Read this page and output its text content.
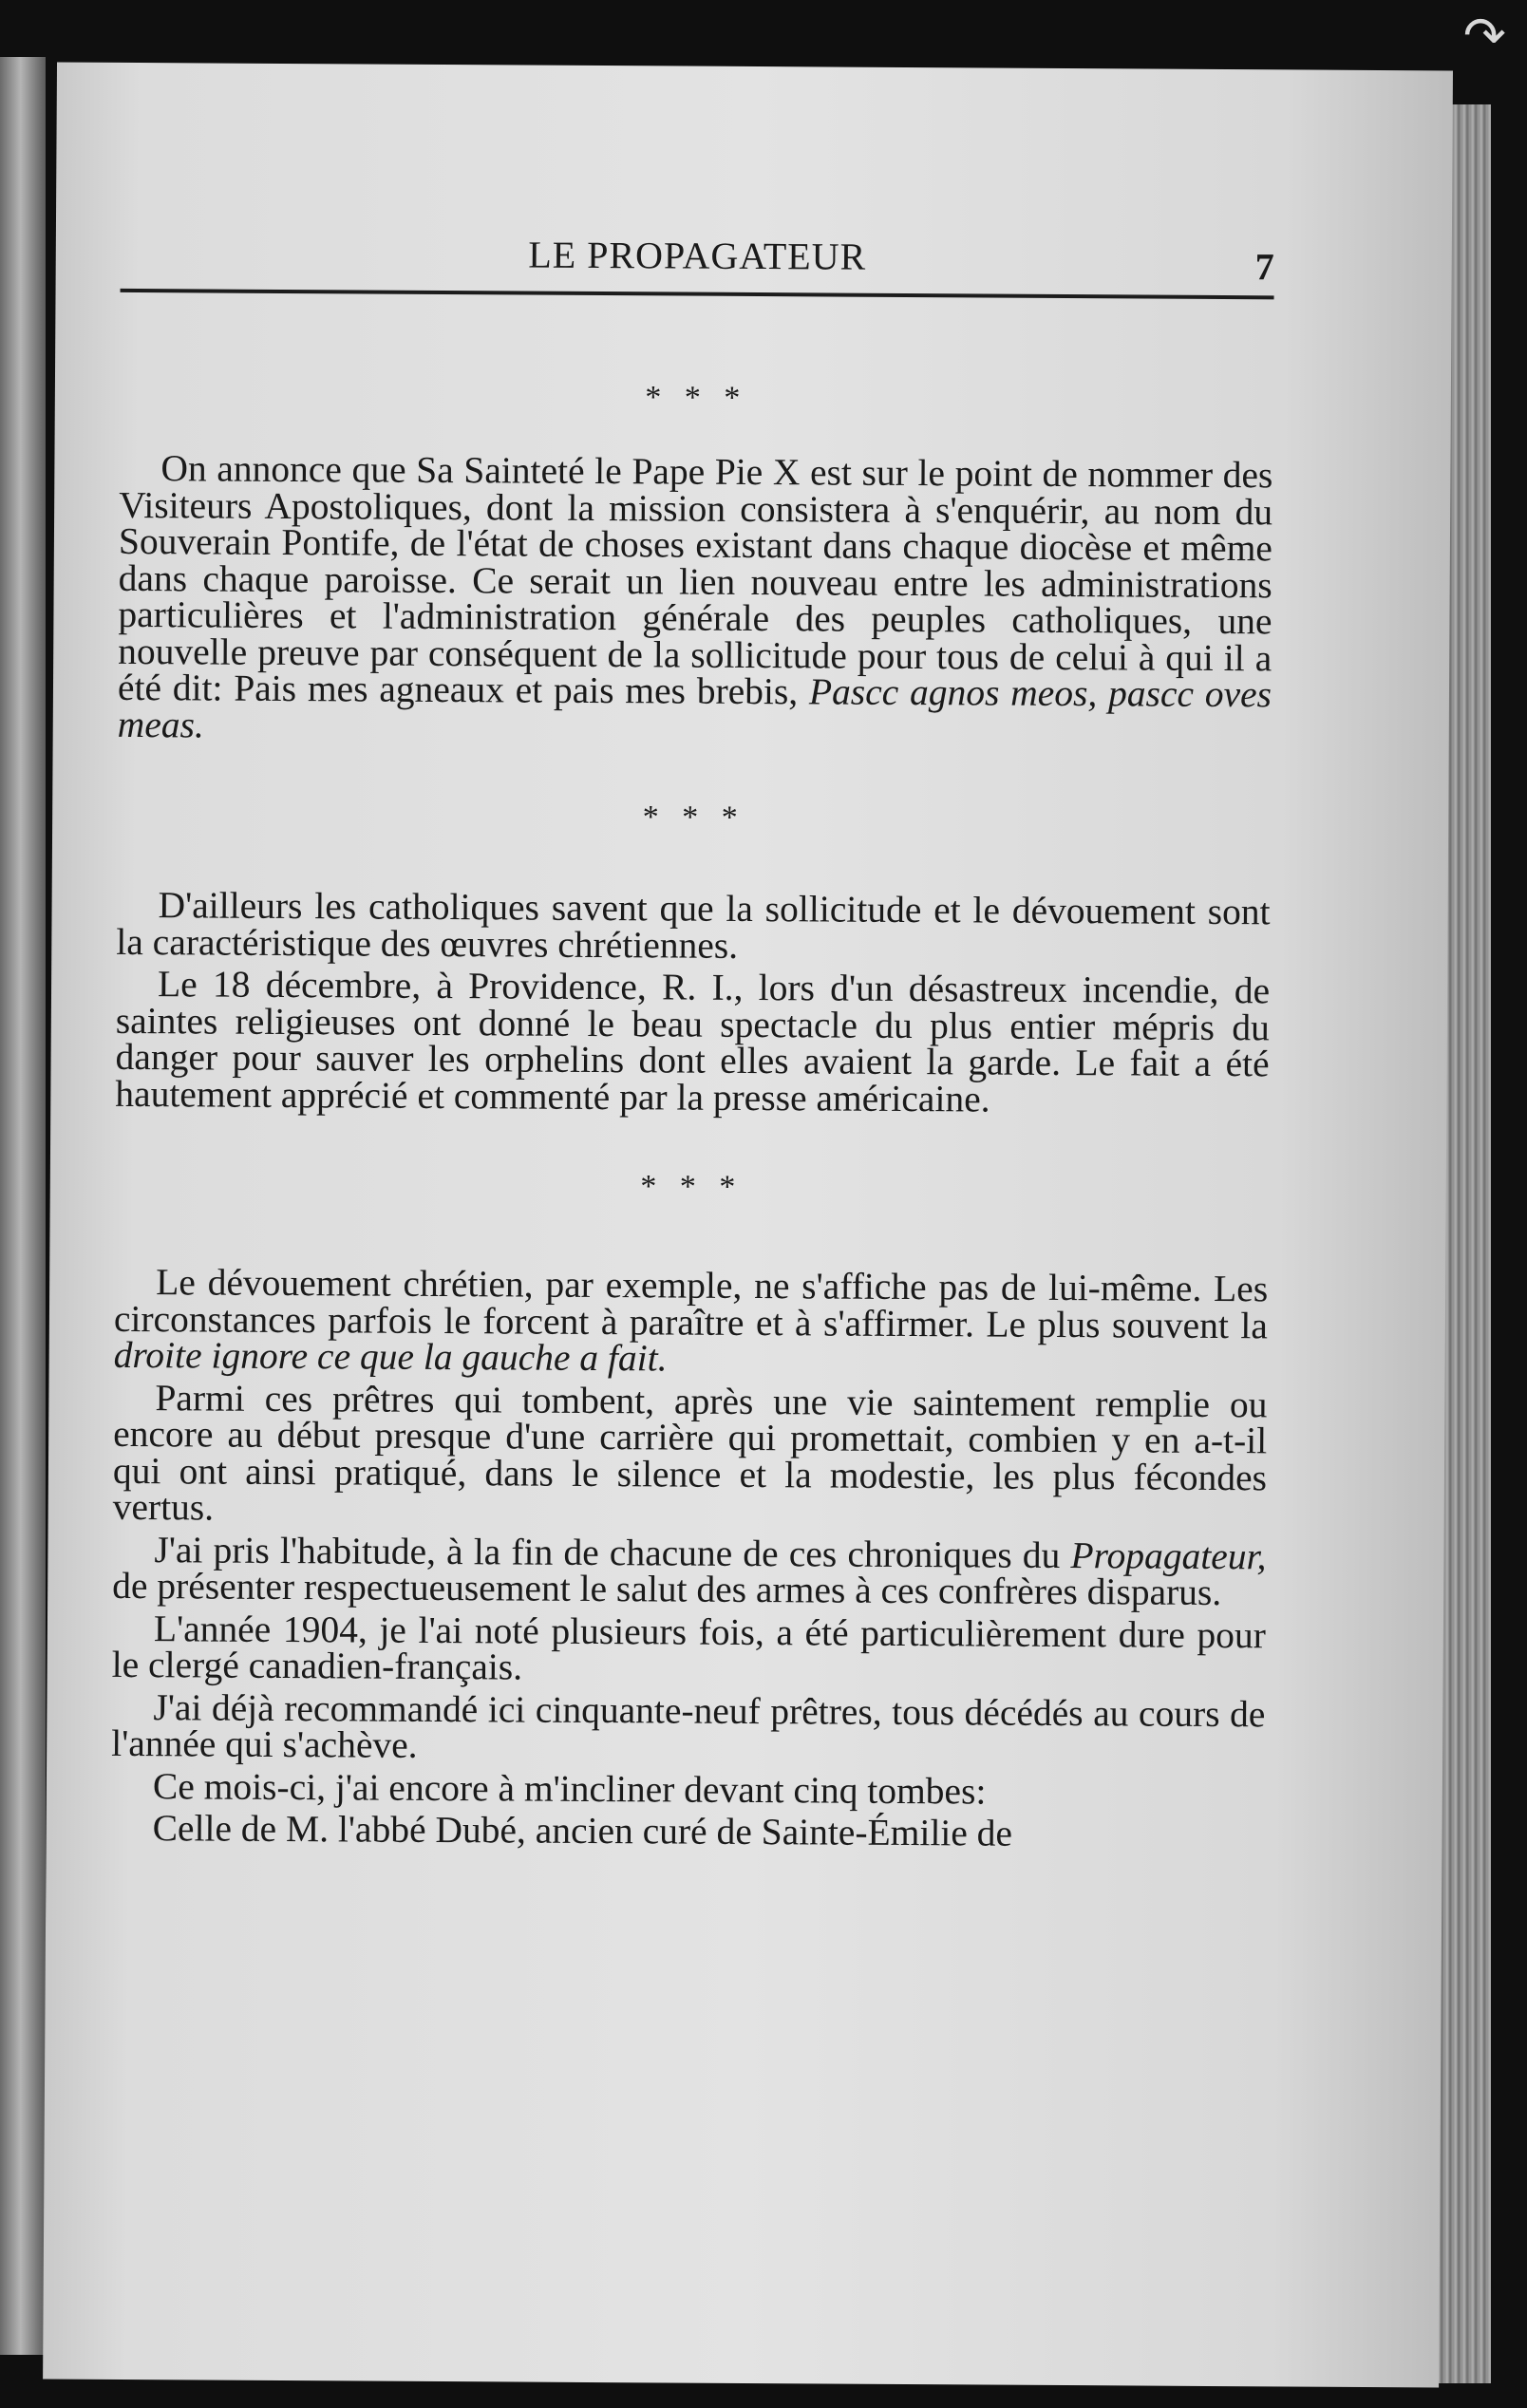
↷
LE PROPAGATEUR	7
* * *

On annonce que Sa Sainteté le Pape Pie X est sur le point de nommer des Visiteurs Apostoliques, dont la mission consistera à s'enquérir, au nom du Souverain Pontife, de l'état de choses existant dans chaque diocèse et même dans chaque paroisse. Ce serait un lien nouveau entre les administrations particulières et l'administration générale des peuples catholiques, une nouvelle preuve par conséquent de la sollicitude pour tous de celui à qui il a été dit: Pais mes agneaux et pais mes brebis, Pascc agnos meos, pascc oves meas.

* * *

D'ailleurs les catholiques savent que la sollicitude et le dévouement sont la caractéristique des œuvres chrétiennes.

Le 18 décembre, à Providence, R. I., lors d'un désastreux incendie, de saintes religieuses ont donné le beau spectacle du plus entier mépris du danger pour sauver les orphelins dont elles avaient la garde. Le fait a été hautement apprécié et commenté par la presse américaine.

* * *

Le dévouement chrétien, par exemple, ne s'affiche pas de lui-même. Les circonstances parfois le forcent à paraître et à s'affirmer. Le plus souvent la droite ignore ce que la gauche a fait.

Parmi ces prêtres qui tombent, après une vie saintement remplie ou encore au début presque d'une carrière qui promettait, combien y en a-t-il qui ont ainsi pratiqué, dans le silence et la modestie, les plus fécondes vertus.

J'ai pris l'habitude, à la fin de chacune de ces chroniques du Propagateur, de présenter respectueusement le salut des armes à ces confrères disparus.

L'année 1904, je l'ai noté plusieurs fois, a été particulièrement dure pour le clergé canadien-français.

J'ai déjà recommandé ici cinquante-neuf prêtres, tous décédés au cours de l'année qui s'achève.

Ce mois-ci, j'ai encore à m'incliner devant cinq tombes:

Celle de M. l'abbé Dubé, ancien curé de Sainte-Émilie de
